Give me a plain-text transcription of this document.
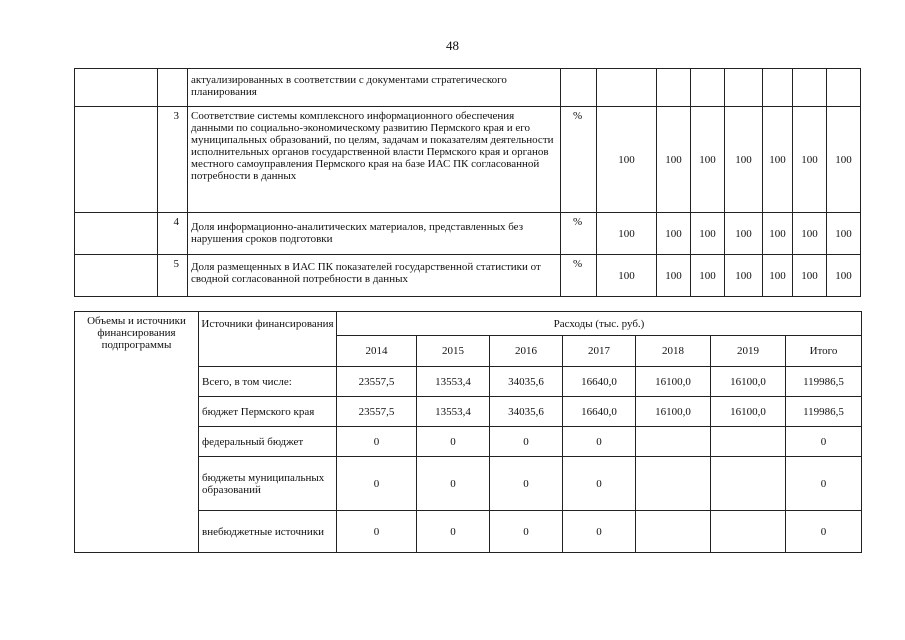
48
		актуализированных в соответствии с документами стратегического планирования								
	3	Соответствие системы комплексного информационного обеспечения данными по социально-экономическому развитию Пермского края и его муниципальных образований, по целям, задачам и показателям деятельности исполнительных органов государственной власти Пермского края и органов местного самоуправления Пермского края на базе ИАС ПК согласованной потребности в данных	%	100	100	100	100	100	100	100
	4	Доля информационно-аналитических материалов, представленных без нарушения сроков подготовки	%	100	100	100	100	100	100	100
	5	Доля размещенных в ИАС ПК показателей государственной статистики от сводной согласованной потребности в данных	%	100	100	100	100	100	100	100
Объемы и источники финансирования подпрограммы	Источники финансирования	Расходы (тыс. руб.)						
		2014	2015	2016	2017	2018	2019	Итого
	Всего, в том числе:	23557,5	13553,4	34035,6	16640,0	16100,0	16100,0	119986,5
	бюджет Пермского края	23557,5	13553,4	34035,6	16640,0	16100,0	16100,0	119986,5
	федеральный бюджет	0	0	0	0			0
	бюджеты муниципальных образований	0	0	0	0			0
	внебюджетные источники	0	0	0	0			0
